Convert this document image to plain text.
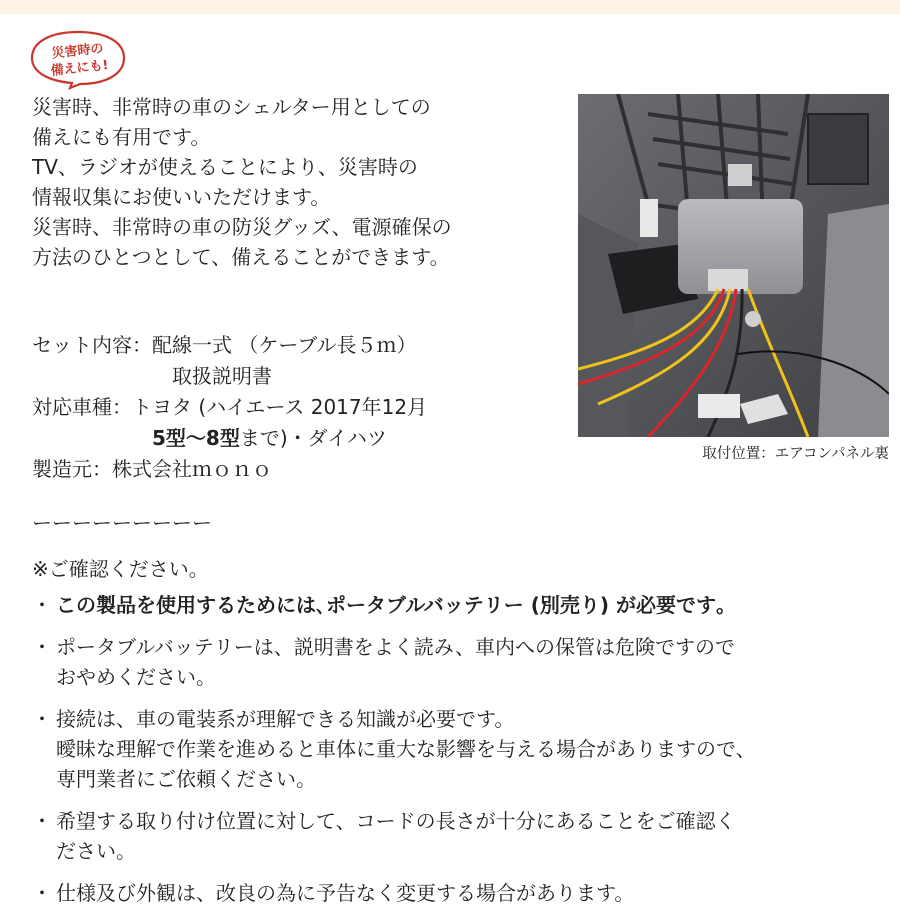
災害時の
備えにも!

災害時、非常時の車のシェルター用としての

備えにも有用です。

TV、ラジオが使えることにより、災害時の

情報収集にお使いいただけます。

災害時、非常時の車の防災グッズ、電源確保の

方法のひとつとして、備えることができます。

セット内容：配線一式 （ケーブル長５ｍ）
取扱説明書
対応車種：トヨタ (ハイエース 2017年12月
5型〜8型まで)・ダイハツ
製造元：株式会社ｍｏｎｏ
取付位置：エアコンパネル裏
ーーーーーーーーー
※ご確認ください。
・ この製品を使用するためには､ポータブルバッテリー (別売り) が必要です｡

・ ポータブルバッテリーは、説明書をよく読み、車内への保管は危険ですので

おやめください。

・ 接続は、車の電装系が理解できる知識が必要です。

曖昧な理解で作業を進めると車体に重大な影響を与える場合がありますので、

専門業者にご依頼ください。

・ 希望する取り付け位置に対して、コードの長さが十分にあることをご確認く

ださい。

・ 仕様及び外観は、改良の為に予告なく変更する場合があります。
